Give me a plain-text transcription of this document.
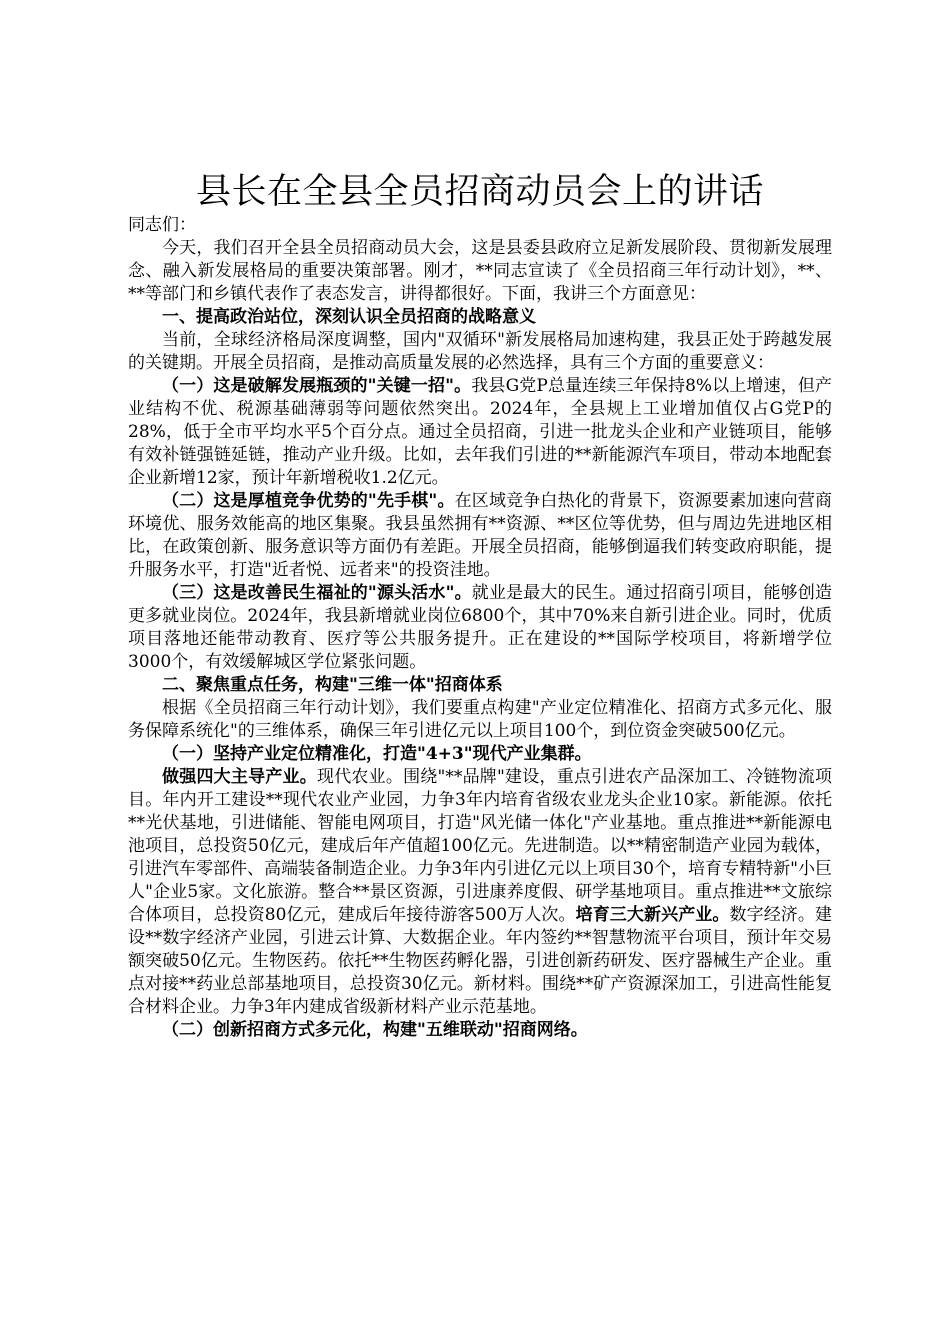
县长在全县全员招商动员会上的讲话

同志们：

今天，我们召开全县全员招商动员大会，这是县委县政府立足新发展阶段、贯彻新发展理念、融入新发展格局的重要决策部署。刚才，**同志宣读了《全员招商三年行动计划》，**、**等部门和乡镇代表作了表态发言，讲得都很好。下面，我讲三个方面意见：

一、提高政治站位，深刻认识全员招商的战略意义

当前，全球经济格局深度调整，国内"双循环"新发展格局加速构建，我县正处于跨越发展的关键期。开展全员招商，是推动高质量发展的必然选择，具有三个方面的重要意义：

（一）这是破解发展瓶颈的"关键一招"。我县G党P总量连续三年保持8%以上增速，但产业结构不优、税源基础薄弱等问题依然突出。2024年，全县规上工业增加值仅占G党P的28%，低于全市平均水平5个百分点。通过全员招商，引进一批龙头企业和产业链项目，能够有效补链强链延链，推动产业升级。比如，去年我们引进的**新能源汽车项目，带动本地配套企业新增12家，预计年新增税收1.2亿元。

（二）这是厚植竞争优势的"先手棋"。在区域竞争白热化的背景下，资源要素加速向营商环境优、服务效能高的地区集聚。我县虽然拥有**资源、**区位等优势，但与周边先进地区相比，在政策创新、服务意识等方面仍有差距。开展全员招商，能够倒逼我们转变政府职能，提升服务水平，打造"近者悦、远者来"的投资洼地。

（三）这是改善民生福祉的"源头活水"。就业是最大的民生。通过招商引项目，能够创造更多就业岗位。2024年，我县新增就业岗位6800个，其中70%来自新引进企业。同时，优质项目落地还能带动教育、医疗等公共服务提升。正在建设的**国际学校项目，将新增学位3000个，有效缓解城区学位紧张问题。

二、聚焦重点任务，构建"三维一体"招商体系

根据《全员招商三年行动计划》，我们要重点构建"产业定位精准化、招商方式多元化、服务保障系统化"的三维体系，确保三年引进亿元以上项目100个，到位资金突破500亿元。

（一）坚持产业定位精准化，打造"4+3"现代产业集群。

做强四大主导产业。现代农业。围绕"**品牌"建设，重点引进农产品深加工、冷链物流项目。年内开工建设**现代农业产业园，力争3年内培育省级农业龙头企业10家。新能源。依托**光伏基地，引进储能、智能电网项目，打造"风光储一体化"产业基地。重点推进**新能源电池项目，总投资50亿元，建成后年产值超100亿元。先进制造。以**精密制造产业园为载体，引进汽车零部件、高端装备制造企业。力争3年内引进亿元以上项目30个，培育专精特新"小巨人"企业5家。文化旅游。整合**景区资源，引进康养度假、研学基地项目。重点推进**文旅综合体项目，总投资80亿元，建成后年接待游客500万人次。培育三大新兴产业。数字经济。建设**数字经济产业园，引进云计算、大数据企业。年内签约**智慧物流平台项目，预计年交易额突破50亿元。生物医药。依托**生物医药孵化器，引进创新药研发、医疗器械生产企业。重点对接**药业总部基地项目，总投资30亿元。新材料。围绕**矿产资源深加工，引进高性能复合材料企业。力争3年内建成省级新材料产业示范基地。

（二）创新招商方式多元化，构建"五维联动"招商网络。
